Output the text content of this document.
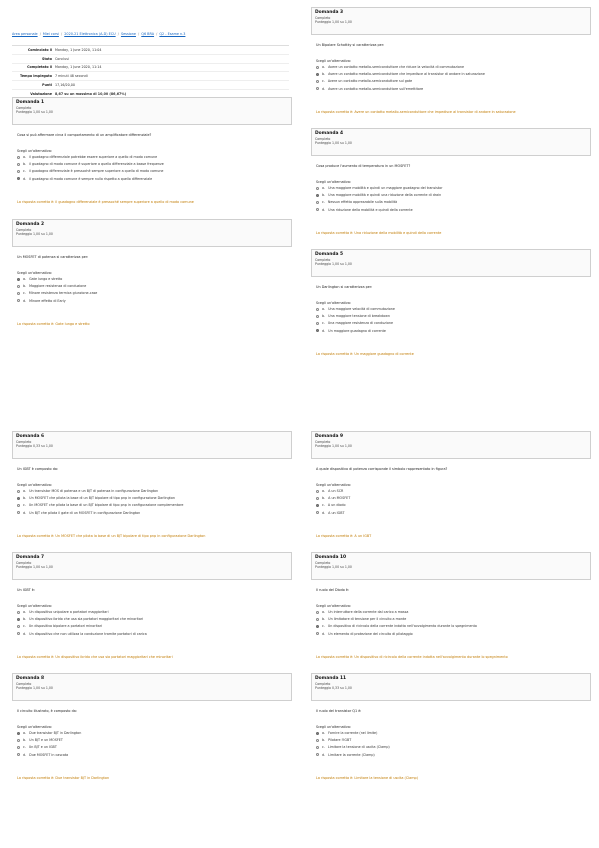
Area personale / Miei corsi / 2020-21 Elettronica (A-D) ECU / Sessione / Q6 BRA / Q2 - Esame n.3
Cominciato il Monday, 1 June 2020, 11:04
Stato Conclusi
Completato il Monday, 1 June 2020, 11:14
Tempo impiegato 7 minuti 48 secondi
Punti 17,16/20,00
Valutazione 8,67 su un massimo di 10,00 (86,67%)
Domanda 1
Completo
Punteggio 1,00 su 1,00
Cosa si può affermare circa il comportamento di un amplificatore differenziale?
Scegli un'alternativa:
a. il guadagno differenziale potrebbe essere superiore a quello di modo comune
b. il guadagno di modo comune è superiore a quello differenziale a basse frequenze
c. il guadagno differenziale è pressoché sempre superiore a quello di modo comune
d. il guadagno di modo comune è sempre nullo rispetto a quello differenziale
La risposta corretta è: il guadagno differenziale è pressoché sempre superiore a quello di modo comune
Domanda 2
Completo
Punteggio 1,00 su 1,00
Un MOSFET di potenza si caratterizza per:
Scegli un'alternativa:
a. Gate lungo e stretto
b. Maggiore resistenza di conduzione
c. Minore resistenza termica giunzione-case
d. Minore effetto di Early
La risposta corretta è: Gate lungo e stretto
Domanda 3
Completo
Punteggio 1,00 su 1,00
Un Bipolare Schottky si caratterizza per:
Scegli un'alternativa:
a. Avere un contatto metallo-semiconduttore che riduce la velocità di commutazione
b. Avere un contatto metallo-semiconduttore che impedisce al transistor di andare in saturazione
c. Avere un contatto metallo-semiconduttore sul gate
d. Avere un contatto metallo-semiconduttore sull'emettitore
La risposta corretta è: Avere un contatto metallo-semiconduttore che impedisce al transistor di andare in saturazione
Domanda 4
Completo
Punteggio 1,00 su 1,00
Cosa produce l'aumento di temperatura in un MOSFET?
Scegli un'alternativa:
a. Una maggiore mobilità e quindi un maggiore guadagno del transistor
b. Una maggiore mobilità e quindi una riduzione della corrente di drain
c. Nessun effetto apprezzabile sulla mobilità
d. Una riduzione della mobilità e quindi della corrente
La risposta corretta è: Una riduzione della mobilità e quindi della corrente
Domanda 5
Completo
Punteggio 1,00 su 1,00
Un Darlington si caratterizza per:
Scegli un'alternativa:
a. Una maggiore velocità di commutazione
b. Una maggiore tensione di breakdown
c. Una maggiore resistenza di conduzione
d. Un maggiore guadagno di corrente
La risposta corretta è: Un maggiore guadagno di corrente
Domanda 6
Completo
Punteggio 0,33 su 1,00
Un IGBT è composto da:
Scegli un'alternativa:
a. Un transistor MOS di potenza e un BJT di potenza in configurazione Darlington
b. Un MOSFET che pilota la base di un BJT bipolare di tipo pnp in configurazione Darlington
c. Un MOSFET che pilota la base di un BJT bipolare di tipo pnp in configurazione complementare
d. Un BJT che pilota il gate di un MOSFET in configurazione Darlington
La risposta corretta è: Un MOSFET che pilota la base di un BJT bipolare di tipo pnp in configurazione Darlington
Domanda 7
Completo
Punteggio 1,00 su 1,00
Un IGBT è:
Scegli un'alternativa:
a. Un dispositivo unipolare a portatori maggioritari
b. Un dispositivo ibrido che usa sia portatori maggioritari che minoritari
c. Un dispositivo bipolare a portatori minoritari
d. Un dispositivo che non utilizza la conduzione tramite portatori di carica
La risposta corretta è: Un dispositivo ibrido che usa sia portatori maggioritari che minoritari
Domanda 8
Completo
Punteggio 1,00 su 1,00
Il circuito illustrato, è composto da:
Scegli un'alternativa:
a. Due transistor BJT in Darlington
b. Un BJT e un MOSFET
c. Un BJT e un IGBT
d. Due MOSFET in cascata
La risposta corretta è: Due transistor BJT in Darlington
Domanda 9
Completo
Punteggio 1,00 su 1,00
A quale dispositivo di potenza corrisponde il simbolo rappresentato in figura?
Scegli un'alternativa:
a. A un SCR
b. A un MOSFET
c. A un diodo
d. A un IGBT
La risposta corretta è: A un IGBT
Domanda 10
Completo
Punteggio 1,00 su 1,00
Il ruolo del Diodo è:
Scegli un'alternativa:
a. Un interruttore della corrente dal carico a massa
b. Un limitatore di tensione per il circuito a monte
c. Un dispositivo di ricircolo della corrente indotta nell'avvolgimento durante lo spegnimento
d. Un elemento di protezione del circuito di pilotaggio
La risposta corretta è: Un dispositivo di ricircolo della corrente indotta nell'avvolgimento durante lo spegnimento
Domanda 11
Completo
Punteggio 0,33 su 1,00
Il ruolo del transistor Q1 è:
Scegli un'alternativa:
a. Fornire la corrente (nel limite)
b. Pilotare l'IGBT
c. Limitare la tensione di uscita (Clamp)
d. Limitare la corrente (Clamp)
La risposta corretta è: Limitare la tensione di uscita (Clamp)
